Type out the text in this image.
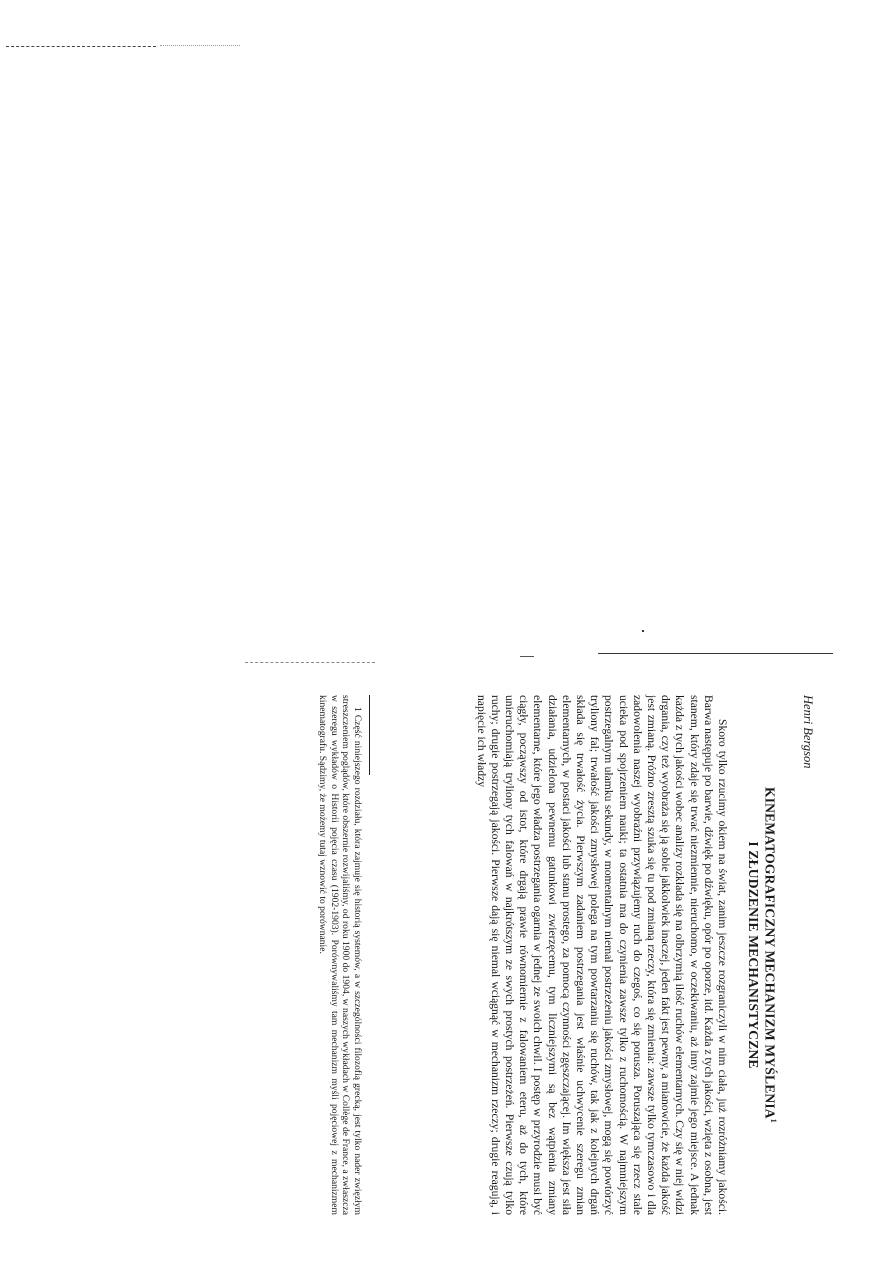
Henri Bergson
KINEMATOGRAFICZNY MECHANIZM MYŚLENIA$^1$
I ZŁUDZENIE MECHANISTYCZNE

Skoro tylko rzucimy okiem na świat, zanim jeszcze rozgraniczyli w nim ciała, już rozróżniamy jakości. Barwa następuje po barwie, dźwięk po dźwięku, opór po oporze, itd. Każda z tych jakości, wzięta z osobna, jest stanem, który zdaje się trwać niezmiennie, nieruchomo, w oczekiwaniu, aż inny zajmie jego miejsce. A jednak każda z tych jakości wobec analizy rozkłada się na olbrzymią ilość ruchów elementarnych. Czy się w niej widzi drgania, czy też wyobraża się ją sobie jakkolwiek inaczej, jeden fakt jest pewny, a mianowicie, że każda jakość jest zmianą. Próżno zresztą szuka się tu pod zmianą rzeczy, która się zmienia: zawsze tylko tymczasowo i dla zadowolenia naszej wyobraźni przywiązujemy ruch do czegoś, co się porusza. Poruszająca się rzecz stale ucieka pod spojrzeniem nauki; ta ostatnia ma do czynienia zawsze tylko z ruchomością. W najmniejszym postrzegalnym ułamku sekundy, w momentalnym niemal postrzeżeniu jakości zmysłowej, mogą się powtórzyć tryliony fal; trwałość jakości zmysłowej polega na tym powtarzaniu się ruchów, tak jak z kolejnych drgań składa się trwałość życia. Pierwszym zadaniem postrzegania jest właśnie uchwycenie szeregu zmian elementarnych, w postaci jakości lub stanu prostego, za pomocą czynności zgęszczającej. Im większa jest siła działania, udzielona pewnemu gatunkowi zwierzęcemu, tym liczniejszymi są bez wątpienia zmiany elementarne, które jego władza postrzegania ogarnia w jednej ze swoich chwil. I postęp w przyrodzie musi być ciągły, począwszy od istot, które drgają prawie równomiernie z falowaniem eteru, aż do tych, które unieruchomiają tryliony tych falowań w najkrótszym ze swych prostych postrzeżeń. Pierwsze czują tylko ruchy; drugie postrzegają jakości. Pierwsze dają się niemal wciągnąć w mechanizm rzeczy; drugie reagują, i napięcie ich władzy

1 Część niniejszego rozdziału, która zajmuje się historią systemów, a w szczególności filozofią grecką, jest tylko nader zwięzłym streszczeniem poglądów, które obszernie rozwijaliśmy, od roku 1900 do 1904, w naszych wykładach w Collège de France, a zwłaszcza w szeregu wykładów o Historii pojęcia czasu (1902-1903). Porównywaliśmy tam mechanizm myśli pojęciowej z mechanizmem kinematografu. Sądzimy, że możemy tutaj wznowić to porównanie.
